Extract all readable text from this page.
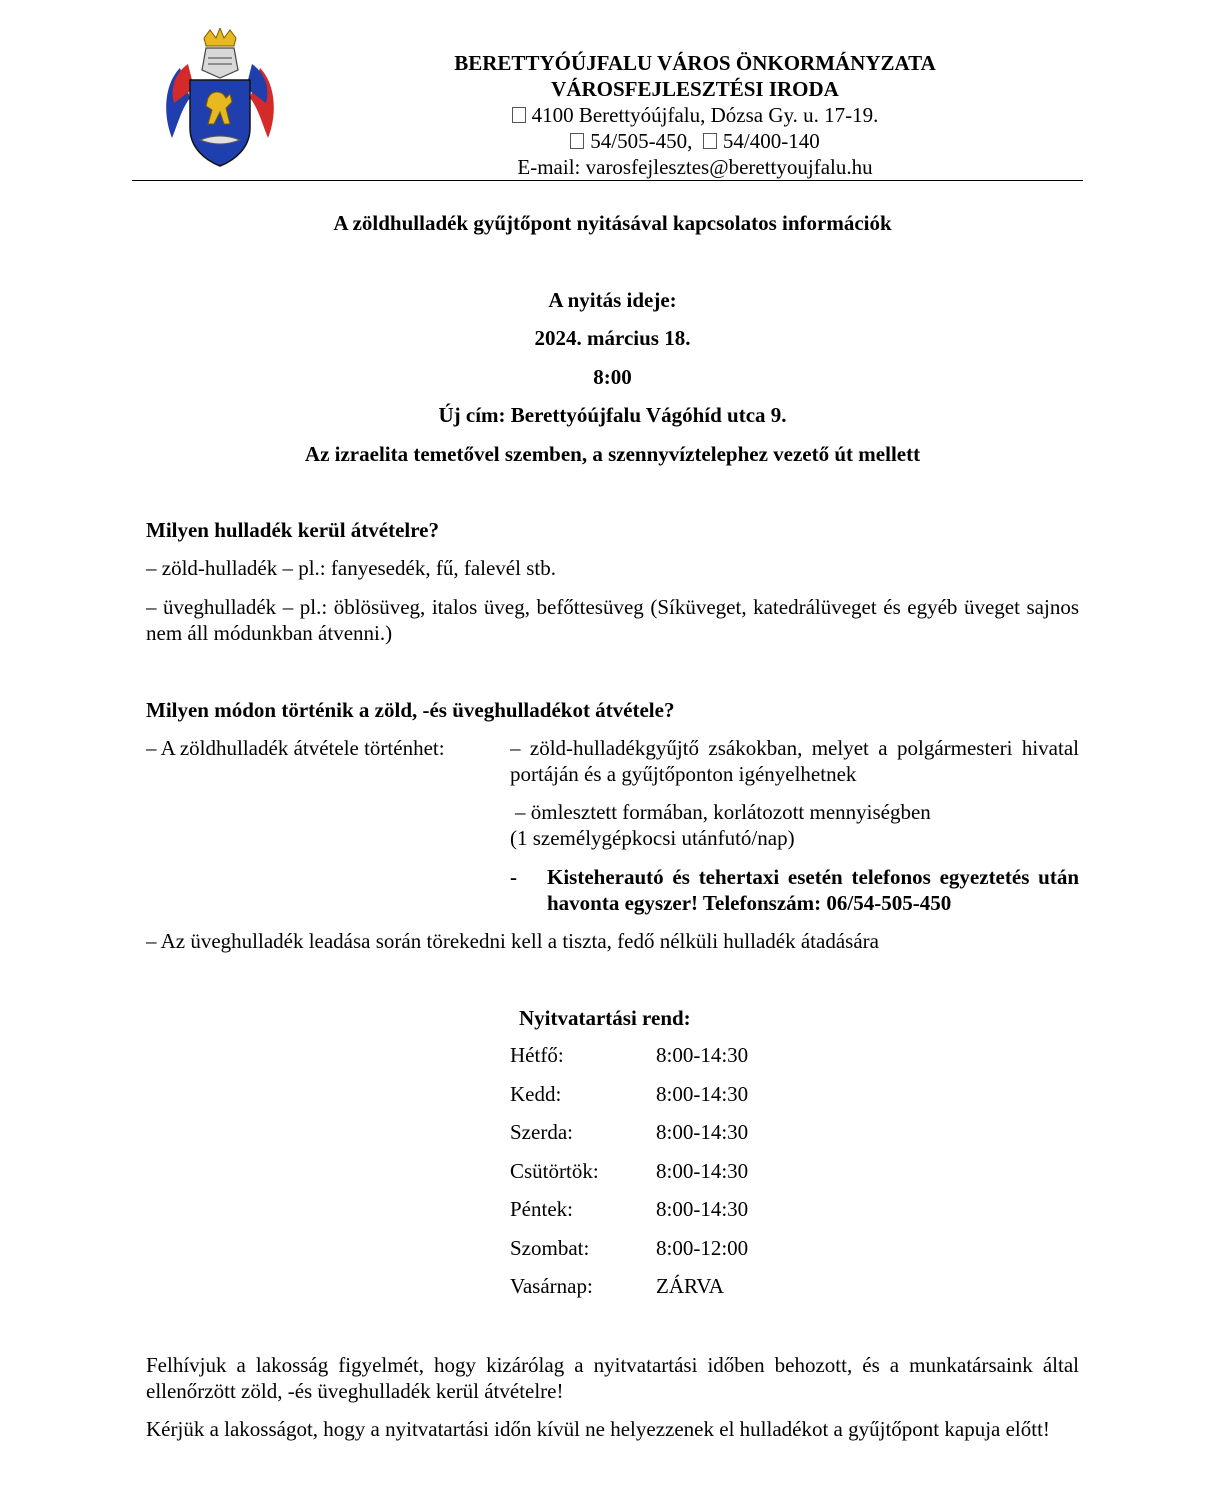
BERETTYÓÚJFALU VÁROS ÖNKORMÁNYZATA
VÁROSFEJLESZTÉSI IRODA
4100 Berettyóújfalu, Dózsa Gy. u. 17-19.
54/505-450, 54/400-140
E-mail: varosfejlesztes@berettyoujfalu.hu
A zöldhulladék gyűjtőpont nyitásával kapcsolatos információk
A nyitás ideje:
2024. március 18.
8:00
Új cím: Berettyóújfalu Vágóhíd utca 9.
Az izraelita temetővel szemben, a szennyvíztelephez vezető út mellett
Milyen hulladék kerül átvételre?
– zöld-hulladék – pl.: fanyesedék, fű, falevél stb.
– üveghulladék – pl.: öblösüveg, italos üveg, befőttesüveg (Síküveget, katedrálüveget és egyéb üveget sajnos nem áll módunkban átvenni.)
Milyen módon történik a zöld, -és üveghulladékot átvétele?
– A zöldhulladék átvétele történhet:	– zöld-hulladékgyűjtő zsákokban, melyet a polgármesteri hivatal portáján és a gyűjtőponton igényelhetnek
– ömlesztett formában, korlátozott mennyiségben
(1 személygépkocsi utánfutó/nap)
- Kisteherautó és tehertaxi esetén telefonos egyeztetés után havonta egyszer! Telefonszám: 06/54-505-450
– Az üveghulladék leadása során törekedni kell a tiszta, fedő nélküli hulladék átadására
Nyitvatartási rend:
Hétfő:	8:00-14:30
Kedd:	8:00-14:30
Szerda:	8:00-14:30
Csütörtök:	8:00-14:30
Péntek:	8:00-14:30
Szombat:	8:00-12:00
Vasárnap:	ZÁRVA
Felhívjuk a lakosság figyelmét, hogy kizárólag a nyitvatartási időben behozott, és a munkatársaink által ellenőrzött zöld, -és üveghulladék kerül átvételre!
Kérjük a lakosságot, hogy a nyitvatartási időn kívül ne helyezzenek el hulladékot a gyűjtőpont kapuja előtt!
